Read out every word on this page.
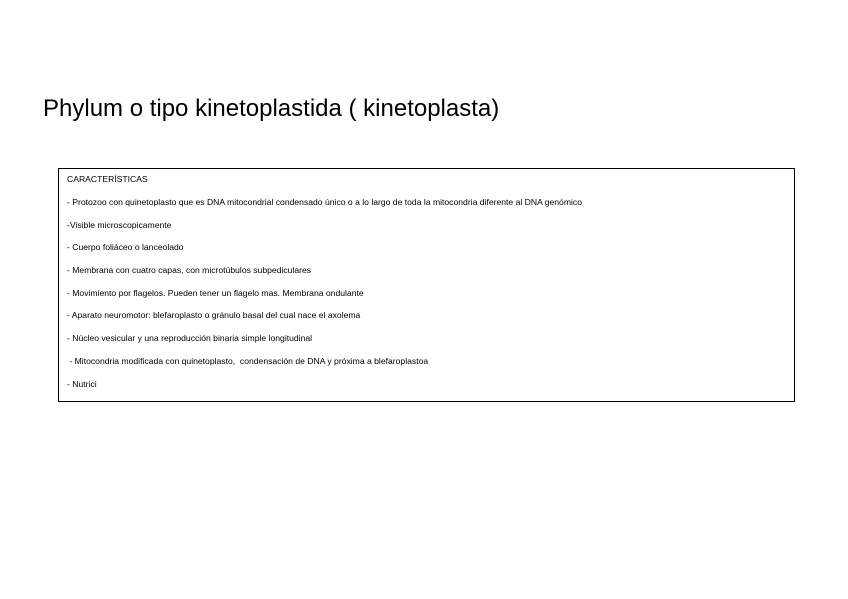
Phylum o tipo kinetoplastida ( kinetoplasta)
CARACTERÍSTICAS
- Protozoo con quinetoplasto que es DNA mitocondrial condensado único o a lo largo de toda la mitocondria diferente al DNA genómico
-Visible microscopicamente
- Cuerpo foliáceo o lanceolado
- Membrana con cuatro capas, con microtúbulos subpediculares
- Movimiento por flagelos. Pueden tener un flagelo mas. Membrana ondulante
- Aparato neuromotor: blefaroplasto o gránulo basal del cual nace el axolema
- Núcleo vesicular y una reproducción binaria simple longitudinal
- Mitocondria modificada con quinetoplasto,  condensación de DNA y próxima a blefaroplastoa
- Nutrici
